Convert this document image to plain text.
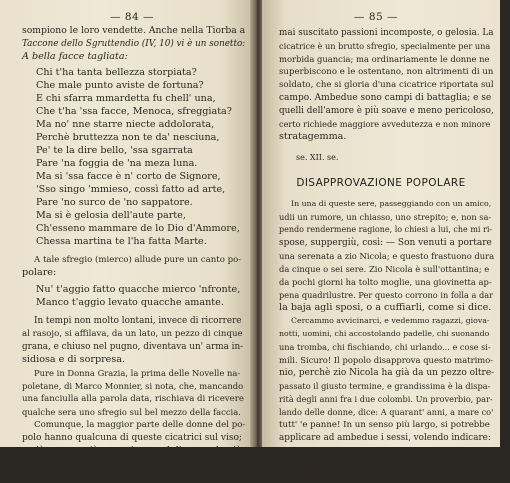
— 84 —
sompiono le loro vendette. Anche nella Tiorba a
Taccone dello Sgruttendio (IV, 10) vi è un sonetto:
A bella facce tagliata:
Chi t'ha tanta bellezza storpiata?
Che male punto aviste de fortuna?
E chi sfarra mmardetta fu chell' una,
Che t'ha 'ssa facce, Menoca, sfreggiata?
Ma no' nne starre niecte addolorata,
Perchè bruttezza non te da' nesciuna,
Pe' te la dire bello, 'ssa sgarrata
Pare 'na foggia de 'na meza luna.
Ma si 'ssa facce è n' corto de Signore,
'Sso singo 'mmieso, cossì fatto ad arte,
Pare 'no surco de 'no sappatore.
Ma si è gelosia dell'aute parte,
Ch'esseno mammare de lo Dio d'Ammore,
Chessa martina te l'ha fatta Marte.
A tale sfregio (mierco) allude pure un canto po-
polare:
Nu' t'aggio fatto quacche mierco 'nfronte,
Manco t'aggio levato quacche amante.
In tempi non molto lontani, invece di ricorrere
al rasojo, si affilava, da un lato, un pezzo di cinque
grana, e chiuso nel pugno, diventava un' arma in-
sidiosa e di sorpresa.
Pure in Donna Grazia, la prima delle Novelle na-
poletane, di Marco Monnier, si nota, che, mancando
una fanciulla alla parola data, rischiava di ricevere
qualche sera uno sfregio sul bel mezzo della faccia.
Comunque, la maggior parte delle donne del po-
polo hanno qualcuna di queste cicatrici sul viso;
e più sono, e più son prive, vuol dire, per lo più,
o non sono state mai belle, o che non hanno
— 85 —
mai suscitato passioni incomposte, o gelosia. La
cicatrice è un brutto sfregio, specialmente per una
morbida guancia; ma ordinariamente le donne ne
superbiscono e le ostentano, non altrimenti di un
soldato, che si gloria d'una cicatrice riportata sul
campo. Ambedue sono campi di battaglia; e se
quelli dell'amore è più soave e meno pericoloso,
certo richiede maggiore avvedutezza e non minore
stratagemma.
se. XII. se.
DISAPPROVAZIONE POPOLARE
In una di queste sere, passeggiando con un amico,
udii un rumore, un chiasso, uno strepito; e, non sa-
pendo rendermene ragione, lo chiesi a lui, che mi ri-
spose, suppergiù, così: — Son venuti a portare
una serenata a zio Nicola; e questo frastuono dura
da cinque o sei sere. Zio Nicola è sull'ottantina; e
da pochi giorni ha tolto moglie, una giovinetta ap-
pena quadrilustre. Per questo corrono in folla a dar
la baja agli sposi, o a cuffiarli, come si dice.
Cercammo avvicinarci, e vedemmo ragazzi, giova-
notti, uomini, chi accostolando padelle, chi suonando
una tromba, chi fischiando, chi urlando... e cose si-
mili. Sicuro! Il popolo disapprova questo matrimo-
nio, perchè zio Nicola ha già da un pezzo oltre-
passato il giusto termine, e grandissima è la dispa-
rità degli anni fra i due colombi. Un proverbio, par-
lando delle donne, dice: A quarant' anni, a mare co'
tutt' 'e panne! In un senso più largo, si potrebbe
applicare ad ambedue i sessi, volendo indicare:
che, ad una certa età, il matrimonio è un assurdo; e
che, invece di apparecchiarsi il letto nuziale, biso-
gnerebbe pensare a riedere alla gran madre antica.
